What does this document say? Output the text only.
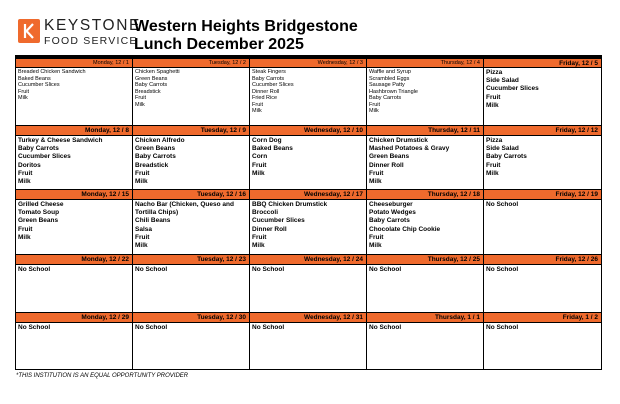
KEYSTONE
FOOD SERVICE
Western Heights Bridgestone
Lunch December 2025
Monday, 12 / 1
Breaded Chicken Sandwich
Baked Beans
Cucumber Slices
Fruit
Milk
Tuesday, 12 / 2
Chicken Spaghetti
Green Beans
Baby Carrots
Breadstick
Fruit
Milk
Wednesday, 12 / 3
Steak Fingers
Baby Carrots
Cucumber Slices
Dinner Roll
Fried Rice
Fruit
Milk
Thursday, 12 / 4
Waffle and Syrup
Scrambled Eggs
Sausage Patty
Hashbrown Triangle
Baby Carrots
Fruit
Milk
Friday, 12 / 5
Pizza
Side Salad
Cucumber Slices
Fruit
Milk
Monday, 12 / 8
Turkey & Cheese Sandwich
Baby Carrots
Cucumber Slices
Doritos
Fruit
Milk
Tuesday, 12 / 9
Chicken Alfredo
Green Beans
Baby Carrots
Breadstick
Fruit
Milk
Wednesday, 12 / 10
Corn Dog
Baked Beans
Corn
Fruit
Milk
Thursday, 12 / 11
Chicken Drumstick
Mashed Potatoes & Gravy
Green Beans
Dinner Roll
Fruit
Milk
Friday, 12 / 12
Pizza
Side Salad
Baby Carrots
Fruit
Milk
Monday, 12 / 15
Grilled Cheese
Tomato Soup
Green Beans
Fruit
Milk
Tuesday, 12 / 16
Nacho Bar (Chicken, Queso and Tortilla Chips)
Chili Beans
Salsa
Fruit
Milk
Wednesday, 12 / 17
BBQ Chicken Drumstick
Broccoli
Cucumber Slices
Dinner Roll
Fruit
Milk
Thursday, 12 / 18
Cheeseburger
Potato Wedges
Baby Carrots
Chocolate Chip Cookie
Fruit
Milk
Friday, 12 / 19
No School
Monday, 12 / 22
No School
Tuesday, 12 / 23
No School
Wednesday, 12 / 24
No School
Thursday, 12 / 25
No School
Friday, 12 / 26
No School
Monday, 12 / 29
No School
Tuesday, 12 / 30
No School
Wednesday, 12 / 31
No School
Thursday, 1 / 1
No School
Friday, 1 / 2
No School
*THIS INSTITUTION IS AN EQUAL OPPORTUNITY PROVIDER
